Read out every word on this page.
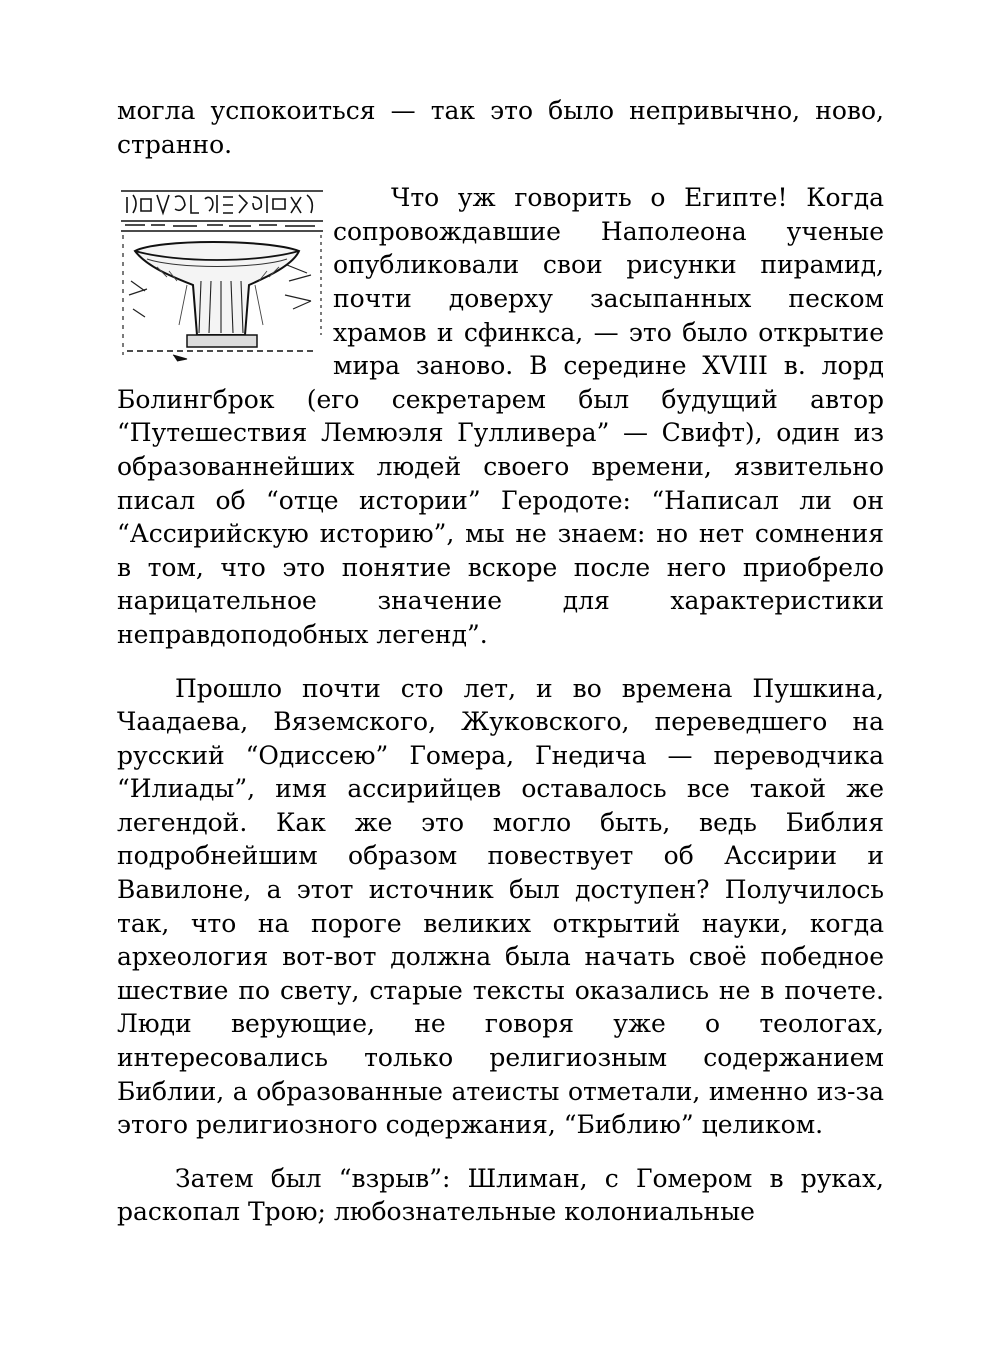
могла успокоиться — так это было непривычно, ново, странно.

Что уж говорить о Египте! Когда сопровождавшие Наполеона ученые опубликовали свои рисунки пирамид, почти доверху засыпанных песком храмов и сфинкса, — это было открытие мира заново. В середине XVIII в. лорд Болингброк (его секретарем был будущий автор “Путешествия Лемюэля Гулливера” — Свифт), один из образованнейших людей своего времени, язвительно писал об “отце истории” Геродоте: “Написал ли он “Ассирийскую историю”, мы не знаем: но нет сомнения в том, что это понятие вскоре после него приобрело нарицательное значение для характеристики неправдоподобных легенд”.

Прошло почти сто лет, и во времена Пушкина, Чаадаева, Вяземского, Жуковского, переведшего на русский “Одиссею” Гомера, Гнедича — переводчика “Илиады”, имя ассирийцев оставалось все такой же легендой. Как же это могло быть, ведь Библия подробнейшим образом повествует об Ассирии и Вавилоне, а этот источник был доступен? Получилось так, что на пороге великих открытий науки, когда археология вот-вот должна была начать своё победное шествие по свету, старые тексты оказались не в почете. Люди верующие, не говоря уже о теологах, интересовались только религиозным содержанием Библии, а образованные атеисты отметали, именно из-за этого религиозного содержания, “Библию” целиком.

Затем был “взрыв”: Шлиман, с Гомером в руках, раскопал Трою; любознательные колониальные
